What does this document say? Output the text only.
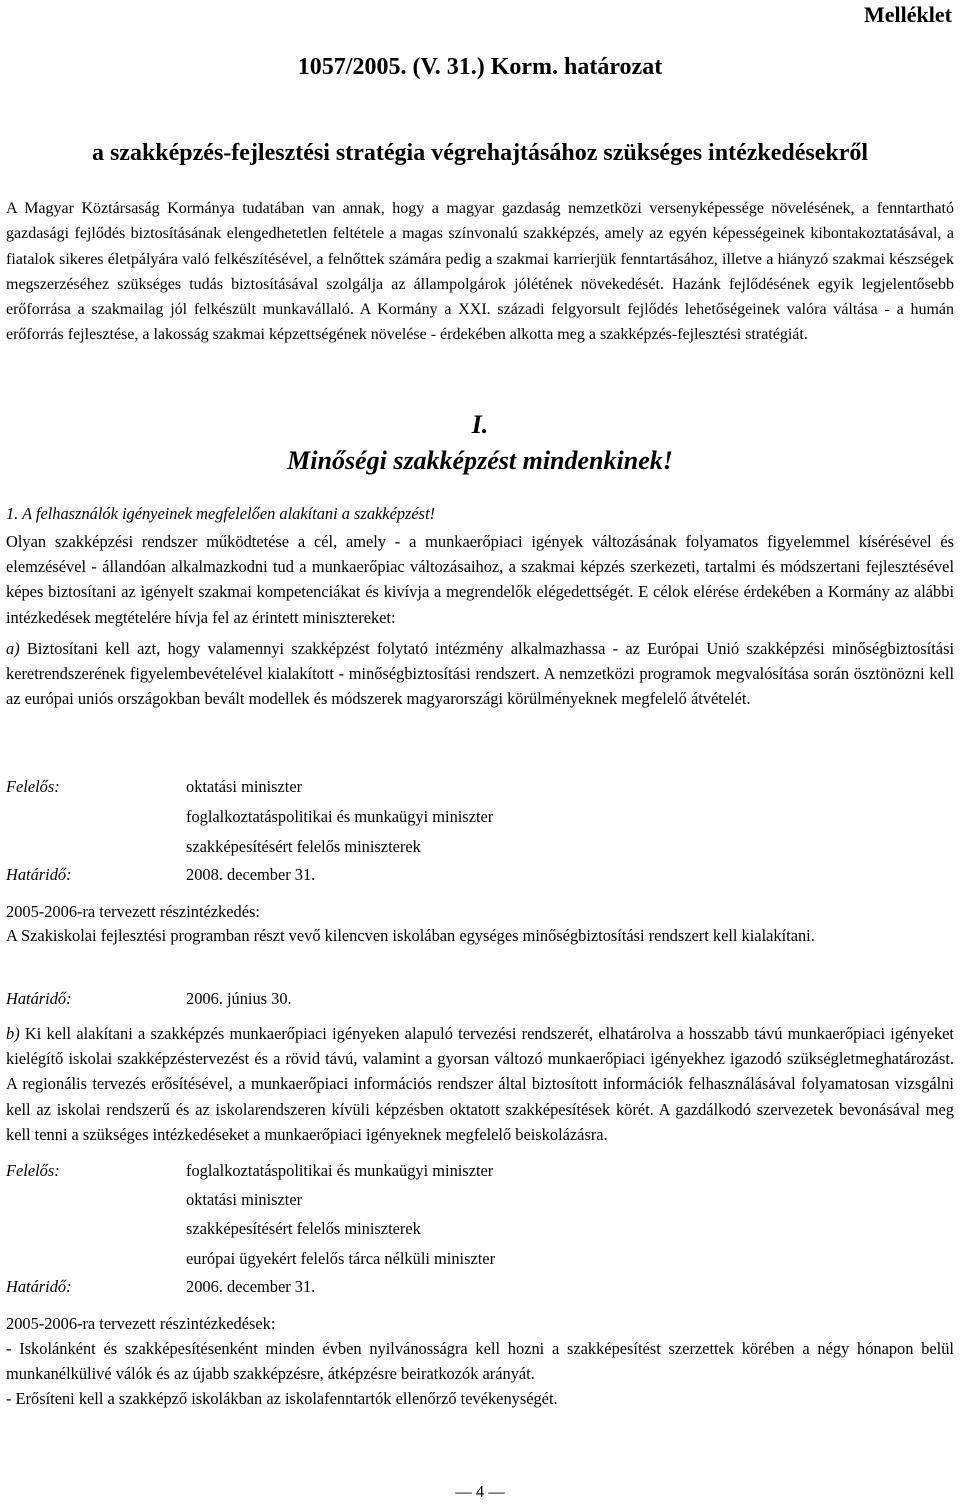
Melléklet
1057/2005. (V. 31.) Korm. határozat
a szakképzés-fejlesztési stratégia végrehajtásához szükséges intézkedésekről
A Magyar Köztársaság Kormánya tudatában van annak, hogy a magyar gazdaság nemzetközi versenyképessége növelésének, a fenntartható gazdasági fejlődés biztosításának elengedhetetlen feltétele a magas színvonalú szakképzés, amely az egyén képességeinek kibontakoztatásával, a fiatalok sikeres életpályára való felkészítésével, a felnőttek számára pedig a szakmai karrierjük fenntartásához, illetve a hiányzó szakmai készségek megszerzéséhez szükséges tudás biztosításával szolgálja az állampolgárok jólétének növekedését. Hazánk fejlődésének egyik legjelentősebb erőforrása a szakmailag jól felkészült munkavállaló. A Kormány a XXI. századi felgyorsult fejlődés lehetőségeinek valóra váltása - a humán erőforrás fejlesztése, a lakosság szakmai képzettségének növelése - érdekében alkotta meg a szakképzés-fejlesztési stratégiát.
I.
Minőségi szakképzést mindenkinek!
1. A felhasználók igényeinek megfelelően alakítani a szakképzést!
Olyan szakképzési rendszer működtetése a cél, amely - a munkaerőpiaci igények változásának folyamatos figyelemmel kísérésével és elemzésével - állandóan alkalmazkodni tud a munkaerőpiac változásaihoz, a szakmai képzés szerkezeti, tartalmi és módszertani fejlesztésével képes biztosítani az igényelt szakmai kompetenciákat és kivívja a megrendelők elégedettségét. E célok elérése érdekében a Kormány az alábbi intézkedések megtételére hívja fel az érintett minisztereket:
a) Biztosítani kell azt, hogy valamennyi szakképzést folytató intézmény alkalmazhassa - az Európai Unió szakképzési minőségbiztosítási keretrendszerének figyelembevételével kialakított - minőségbiztosítási rendszert. A nemzetközi programok megvalósítása során ösztönözni kell az európai uniós országokban bevált modellek és módszerek magyarországi körülményeknek megfelelő átvételét.
Felelős:	oktatási miniszter
foglalkoztatáspolitikai és munkaügyi miniszter
szakképesítésért felelős miniszterek
Határidő:	2008. december 31.
2005-2006-ra tervezett részintézkedés:
A Szakiskolai fejlesztési programban részt vevő kilencven iskolában egységes minőségbiztosítási rendszert kell kialakítani.
Határidő:	2006. június 30.
b) Ki kell alakítani a szakképzés munkaerőpiaci igényeken alapuló tervezési rendszerét, elhatárolva a hosszabb távú munkaerőpiaci igényeket kielégítő iskolai szakképzéstervezést és a rövid távú, valamint a gyorsan változó munkaerőpiaci igényekhez igazodó szükségletmeghatározást. A regionális tervezés erősítésével, a munkaerőpiaci információs rendszer által biztosított információk felhasználásával folyamatosan vizsgálni kell az iskolai rendszerű és az iskolarendszeren kívüli képzésben oktatott szakképesítések körét. A gazdálkodó szervezetek bevonásával meg kell tenni a szükséges intézkedéseket a munkaerőpiaci igényeknek megfelelő beiskolázásra.
Felelős:	foglalkoztatáspolitikai és munkaügyi miniszter
oktatási miniszter
szakképesítésért felelős miniszterek
európai ügyekért felelős tárca nélküli miniszter
Határidő:	2006. december 31.
2005-2006-ra tervezett részintézkedések:
- Iskolánként és szakképesítésenként minden évben nyilvánosságra kell hozni a szakképesítést szerzettek körében a négy hónapon belül munkanélkülivé válók és az újabb szakképzésre, átképzésre beiratkozók arányát.
- Erősíteni kell a szakképző iskolákban az iskolafenntartók ellenőrző tevékenységét.
— 4 —
